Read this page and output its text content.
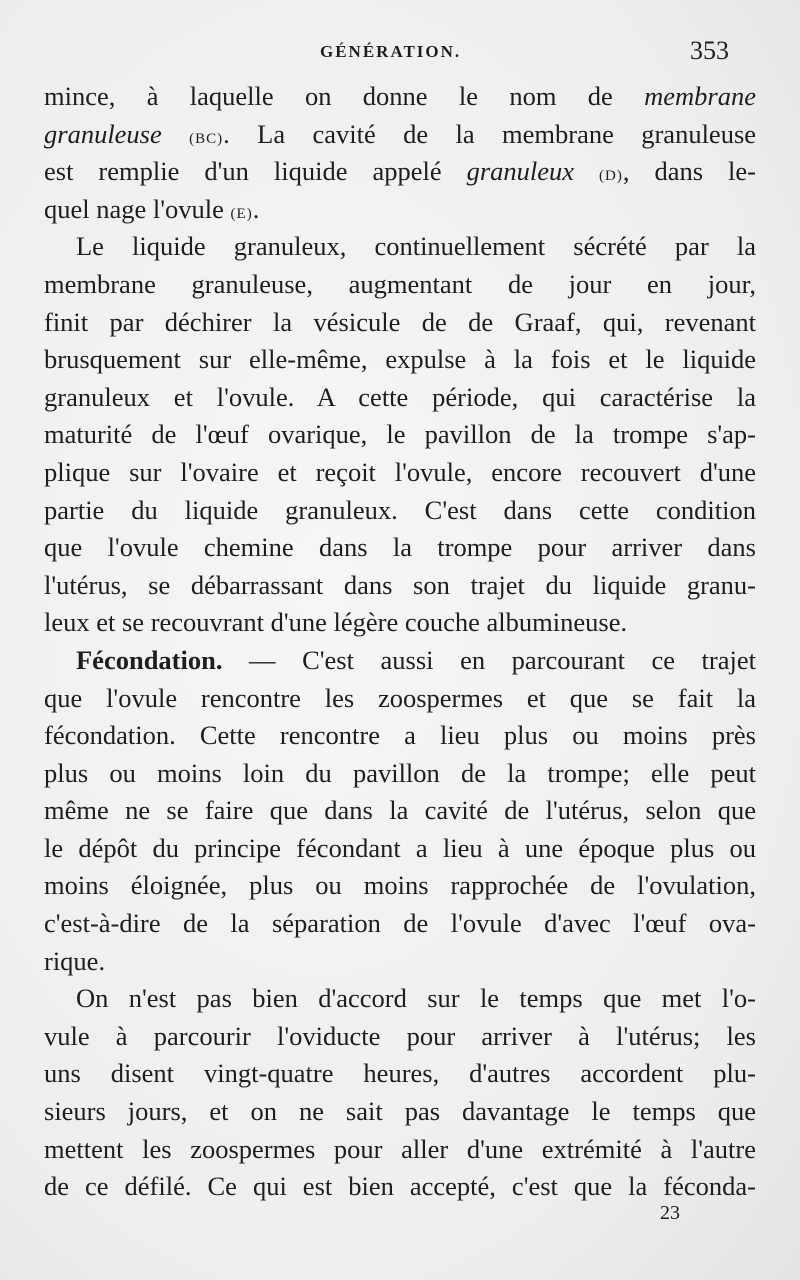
GÉNÉRATION.	353
mince, à laquelle on donne le nom de membrane
granuleuse (BC). La cavité de la membrane granuleuse
est remplie d'un liquide appelé granuleux (D), dans le-
quel nage l'ovule (E).
Le liquide granuleux, continuellement sécrété par la
membrane granuleuse, augmentant de jour en jour,
finit par déchirer la vésicule de de Graaf, qui, revenant
brusquement sur elle-même, expulse à la fois et le liquide
granuleux et l'ovule. A cette période, qui caractérise la
maturité de l'œuf ovarique, le pavillon de la trompe s'ap-
plique sur l'ovaire et reçoit l'ovule, encore recouvert d'une
partie du liquide granuleux. C'est dans cette condition
que l'ovule chemine dans la trompe pour arriver dans
l'utérus, se débarrassant dans son trajet du liquide granu-
leux et se recouvrant d'une légère couche albumineuse.
Fécondation. — C'est aussi en parcourant ce trajet
que l'ovule rencontre les zoospermes et que se fait la
fécondation. Cette rencontre a lieu plus ou moins près
plus ou moins loin du pavillon de la trompe; elle peut
même ne se faire que dans la cavité de l'utérus, selon que
le dépôt du principe fécondant a lieu à une époque plus ou
moins éloignée, plus ou moins rapprochée de l'ovulation,
c'est-à-dire de la séparation de l'ovule d'avec l'œuf ova-
rique.
On n'est pas bien d'accord sur le temps que met l'o-
vule à parcourir l'oviducte pour arriver à l'utérus; les
uns disent vingt-quatre heures, d'autres accordent plu-
sieurs jours, et on ne sait pas davantage le temps que
mettent les zoospermes pour aller d'une extrémité à l'autre
de ce défilé. Ce qui est bien accepté, c'est que la féconda-
23
